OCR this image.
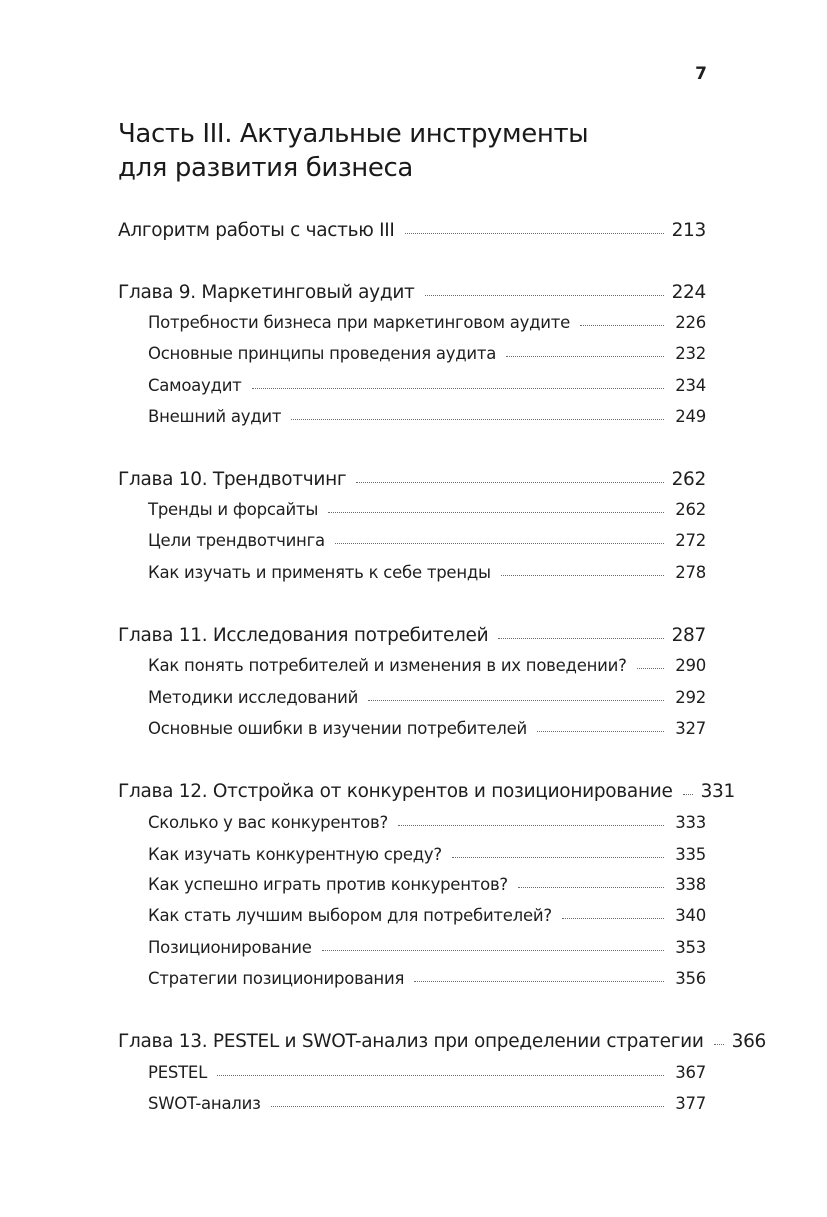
7
Часть III. Актуальные инструменты
для развития бизнеса
Алгоритм работы с частью III	213
Глава 9. Маркетинговый аудит	224
Потребности бизнеса при маркетинговом аудите	226
Основные принципы проведения аудита	232
Самоаудит	234
Внешний аудит	249
Глава 10. Трендвотчинг	262
Тренды и форсайты	262
Цели трендвотчинга	272
Как изучать и применять к себе тренды	278
Глава 11. Исследования потребителей	287
Как понять потребителей и изменения в их поведении?	290
Методики исследований	292
Основные ошибки в изучении потребителей	327
Глава 12. Отстройка от конкурентов и позиционирование 331
Сколько у вас конкурентов?	333
Как изучать конкурентную среду?	335
Как успешно играть против конкурентов?	338
Как стать лучшим выбором для потребителей?	340
Позиционирование	353
Стратегии позиционирования	356
Глава 13. PESTEL и SWOT-анализ при определении стратегии 366
PESTEL	367
SWOT-анализ	377
